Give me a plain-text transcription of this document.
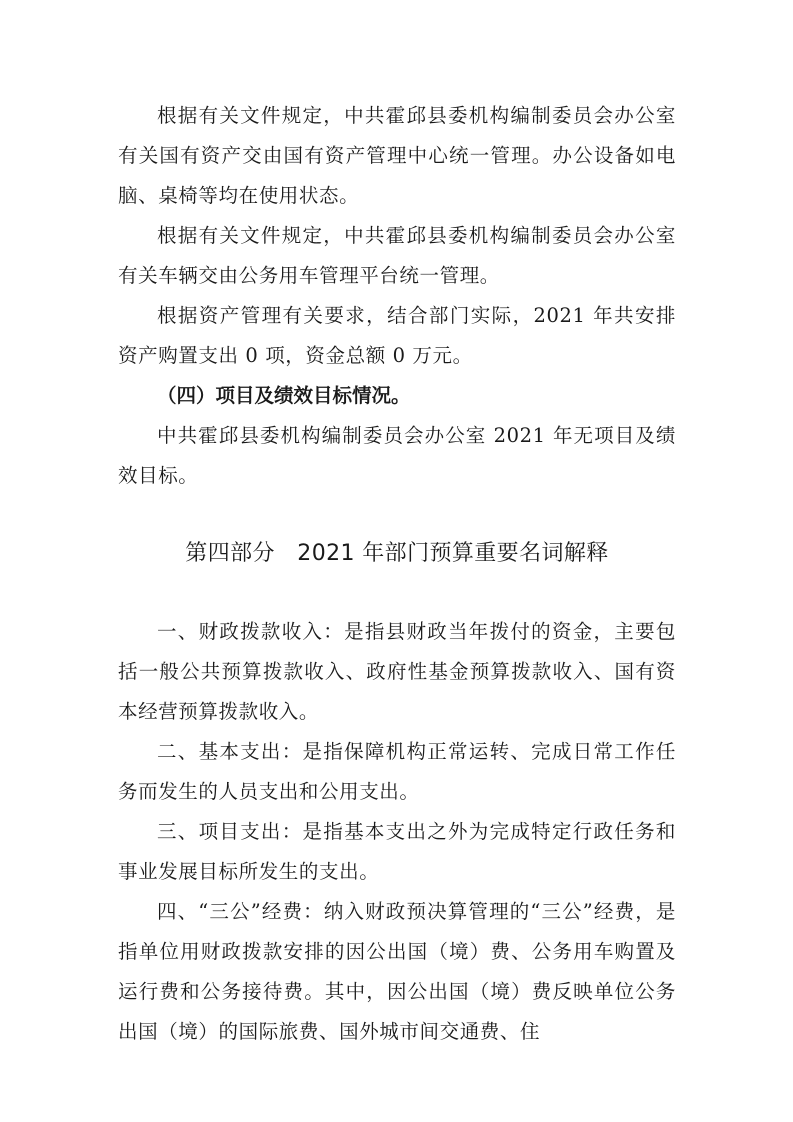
根据有关文件规定，中共霍邱县委机构编制委员会办公室有关国有资产交由国有资产管理中心统一管理。办公设备如电脑、桌椅等均在使用状态。

根据有关文件规定，中共霍邱县委机构编制委员会办公室有关车辆交由公务用车管理平台统一管理。

根据资产管理有关要求，结合部门实际，2021 年共安排资产购置支出 0 项，资金总额 0 万元。

（四）项目及绩效目标情况。

中共霍邱县委机构编制委员会办公室 2021 年无项目及绩效目标。

第四部分　2021 年部门预算重要名词解释

一、财政拨款收入：是指县财政当年拨付的资金，主要包括一般公共预算拨款收入、政府性基金预算拨款收入、国有资本经营预算拨款收入。

二、基本支出：是指保障机构正常运转、完成日常工作任务而发生的人员支出和公用支出。

三、项目支出：是指基本支出之外为完成特定行政任务和事业发展目标所发生的支出。

四、“三公”经费：纳入财政预决算管理的“三公”经费，是指单位用财政拨款安排的因公出国（境）费、公务用车购置及运行费和公务接待费。其中，因公出国（境）费反映单位公务出国（境）的国际旅费、国外城市间交通费、住
